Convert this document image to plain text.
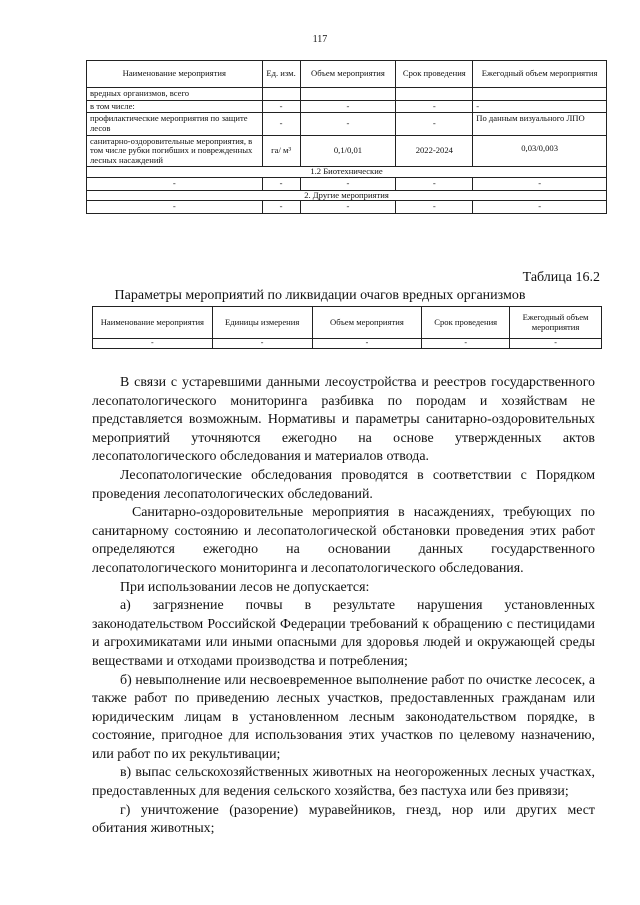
117
Наименование мероприятия	Ед. изм.	Объем мероприятия	Срок проведения	Ежегодный объем мероприятия
вредных организмов, всего				
в том числе:	-	-	-	-
профилактические мероприятия по защите лесов	-	-	-	По данным визуального ЛПО
санитарно-оздоровительные мероприятия, в том числе рубки погибших и поврежденных лесных насаждений	га/ м³	0,1/0,01	2022-2024	0,03/0,003
1.2 Биотехнические				
-	-	-	-	-
2. Другие мероприятия				
-	-	-	-	-
Таблица 16.2
Параметры мероприятий по ликвидации очагов вредных организмов
Наименование мероприятия	Единицы измерения	Объем мероприятия	Срок проведения	Ежегодный объем мероприятия
-	-	-	-	-

В связи с устаревшими данными лесоустройства и реестров государственного лесопатологического мониторинга разбивка по породам и хозяйствам не представляется возможным. Нормативы и параметры санитарно-оздоровительных мероприятий уточняются ежегодно на основе утвержденных актов лесопатологического обследования и материалов отвода.

Лесопатологические обследования проводятся в соответствии с Порядком проведения лесопатологических обследований.

Санитарно-оздоровительные мероприятия в насаждениях, требующих по санитарному состоянию и лесопатологической обстановки проведения этих работ определяются ежегодно на основании данных государственного лесопатологического мониторинга и лесопатологического обследования.

При использовании лесов не допускается:

а) загрязнение почвы в результате нарушения установленных законодательством Российской Федерации требований к обращению с пестицидами и агрохимикатами или иными опасными для здоровья людей и окружающей среды веществами и отходами производства и потребления;

б) невыполнение или несвоевременное выполнение работ по очистке лесосек, а также работ по приведению лесных участков, предоставленных гражданам или юридическим лицам в установленном лесным законодательством порядке, в состояние, пригодное для использования этих участков по целевому назначению, или работ по их рекультивации;

в) выпас сельскохозяйственных животных на неогороженных лесных участках, предоставленных для ведения сельского хозяйства, без пастуха или без привязи;

г) уничтожение (разорение) муравейников, гнезд, нор или других мест обитания животных;
